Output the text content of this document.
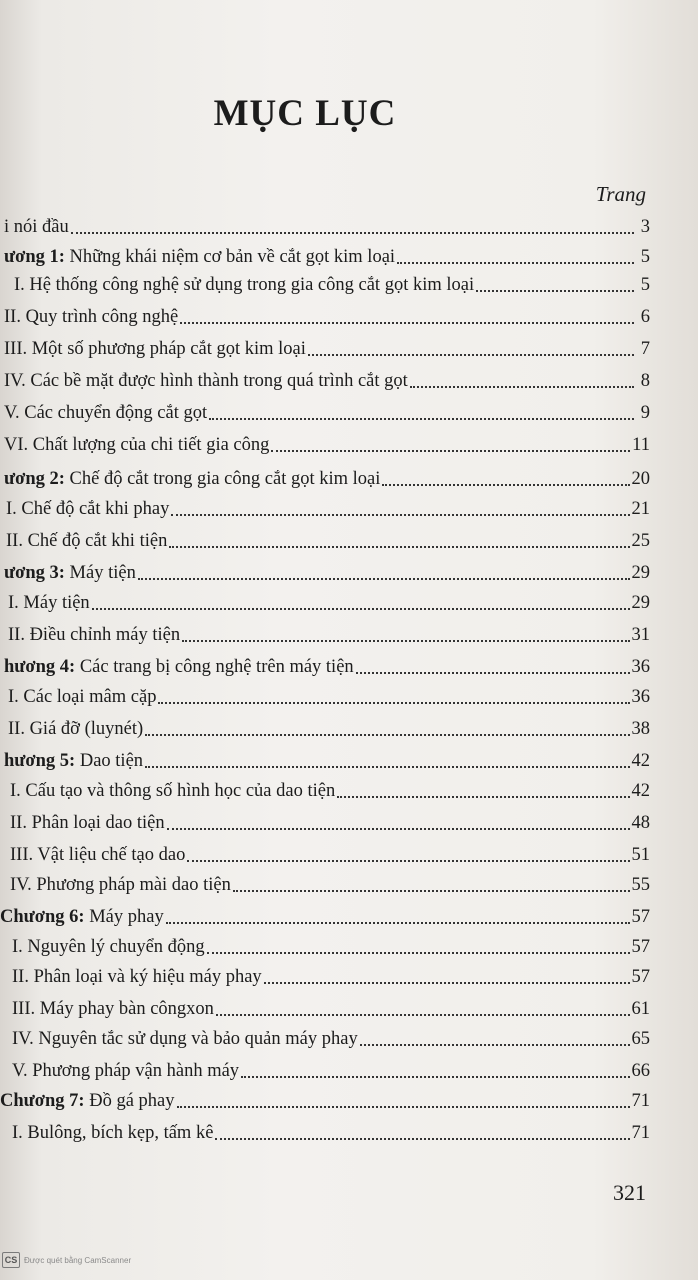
MỤC LỤC
Trang
i nói đầu	3
ương 1: Những khái niệm cơ bản về cắt gọt kim loại	5
I. Hệ thống công nghệ sử dụng trong gia công cắt gọt kim loại	5
II. Quy trình công nghệ	6
III. Một số phương pháp cắt gọt kim loại	7
IV. Các bề mặt được hình thành trong quá trình cắt gọt	8
V. Các chuyển động cắt gọt	9
VI. Chất lượng của chi tiết gia công	11
ương 2: Chế độ cắt trong gia công cắt gọt kim loại	20
I. Chế độ cắt khi phay	21
II. Chế độ cắt khi tiện	25
ương 3: Máy tiện	29
I. Máy tiện	29
II. Điều chỉnh máy tiện	31
hương 4: Các trang bị công nghệ trên máy tiện	36
I. Các loại mâm cặp	36
II. Giá đỡ (luynét)	38
hương 5: Dao tiện	42
I. Cấu tạo và thông số hình học của dao tiện	42
II. Phân loại dao tiện	48
III. Vật liệu chế tạo dao	51
IV. Phương pháp mài dao tiện	55
Chương 6: Máy phay	57
I. Nguyên lý chuyển động	57
II. Phân loại và ký hiệu máy phay	57
III. Máy phay bàn côngxon	61
IV. Nguyên tắc sử dụng và bảo quản máy phay	65
V. Phương pháp vận hành máy	66
Chương 7: Đồ gá phay	71
I. Bulông, bích kẹp, tấm kê	71
321
CS Được quét bằng CamScanner
